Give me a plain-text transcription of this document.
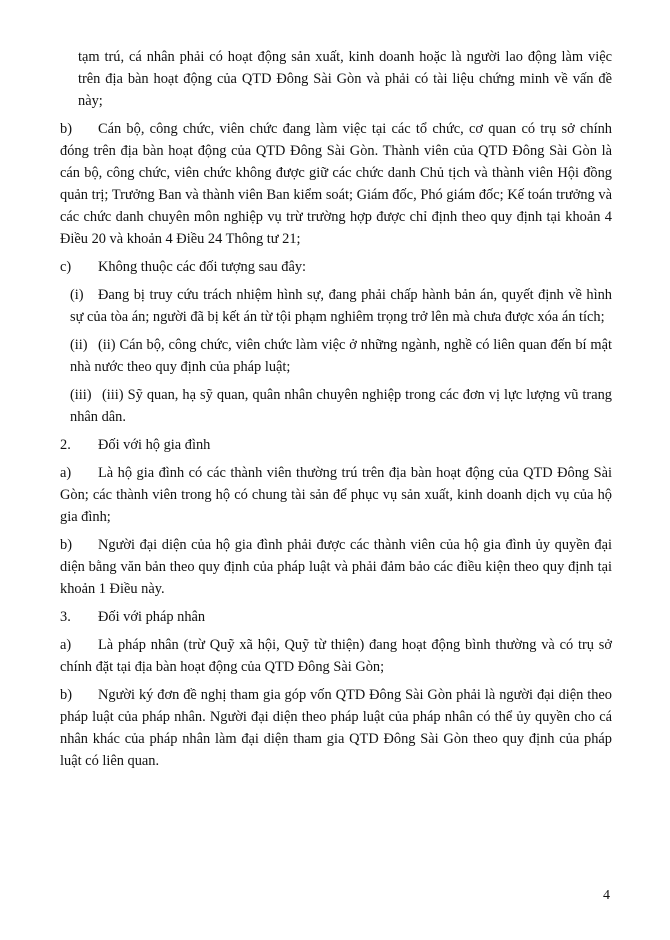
tạm trú, cá nhân phải có hoạt động sản xuất, kinh doanh hoặc là người lao động làm việc trên địa bàn hoạt động của QTD Đông Sài Gòn và phải có tài liệu chứng minh về vấn đề này;

b) Cán bộ, công chức, viên chức đang làm việc tại các tổ chức, cơ quan có trụ sở chính đóng trên địa bàn hoạt động của QTD Đông Sài Gòn. Thành viên của QTD Đông Sài Gòn là cán bộ, công chức, viên chức không được giữ các chức danh Chủ tịch và thành viên Hội đồng quản trị; Trưởng Ban và thành viên Ban kiểm soát; Giám đốc, Phó giám đốc; Kế toán trưởng và các chức danh chuyên môn nghiệp vụ trừ trường hợp được chỉ định theo quy định tại khoản 4 Điều 20 và khoản 4 Điều 24 Thông tư 21;

c) Không thuộc các đối tượng sau đây:

(i) Đang bị truy cứu trách nhiệm hình sự, đang phải chấp hành bản án, quyết định về hình sự của tòa án; người đã bị kết án từ tội phạm nghiêm trọng trở lên mà chưa được xóa án tích;

(ii) (ii) Cán bộ, công chức, viên chức làm việc ở những ngành, nghề có liên quan đến bí mật nhà nước theo quy định của pháp luật;

(iii) (iii) Sỹ quan, hạ sỹ quan, quân nhân chuyên nghiệp trong các đơn vị lực lượng vũ trang nhân dân.

2. Đối với hộ gia đình

a) Là hộ gia đình có các thành viên thường trú trên địa bàn hoạt động của QTD Đông Sài Gòn; các thành viên trong hộ có chung tài sản để phục vụ sản xuất, kinh doanh dịch vụ của hộ gia đình;

b) Người đại diện của hộ gia đình phải được các thành viên của hộ gia đình ủy quyền đại diện bằng văn bản theo quy định của pháp luật và phải đảm bảo các điều kiện theo quy định tại khoản 1 Điều này.

3. Đối với pháp nhân

a) Là pháp nhân (trừ Quỹ xã hội, Quỹ từ thiện) đang hoạt động bình thường và có trụ sở chính đặt tại địa bàn hoạt động của QTD Đông Sài Gòn;

b) Người ký đơn đề nghị tham gia góp vốn QTD Đông Sài Gòn phải là người đại diện theo pháp luật của pháp nhân. Người đại diện theo pháp luật của pháp nhân có thể ủy quyền cho cá nhân khác của pháp nhân làm đại diện tham gia QTD Đông Sài Gòn theo quy định của pháp luật có liên quan.

4
